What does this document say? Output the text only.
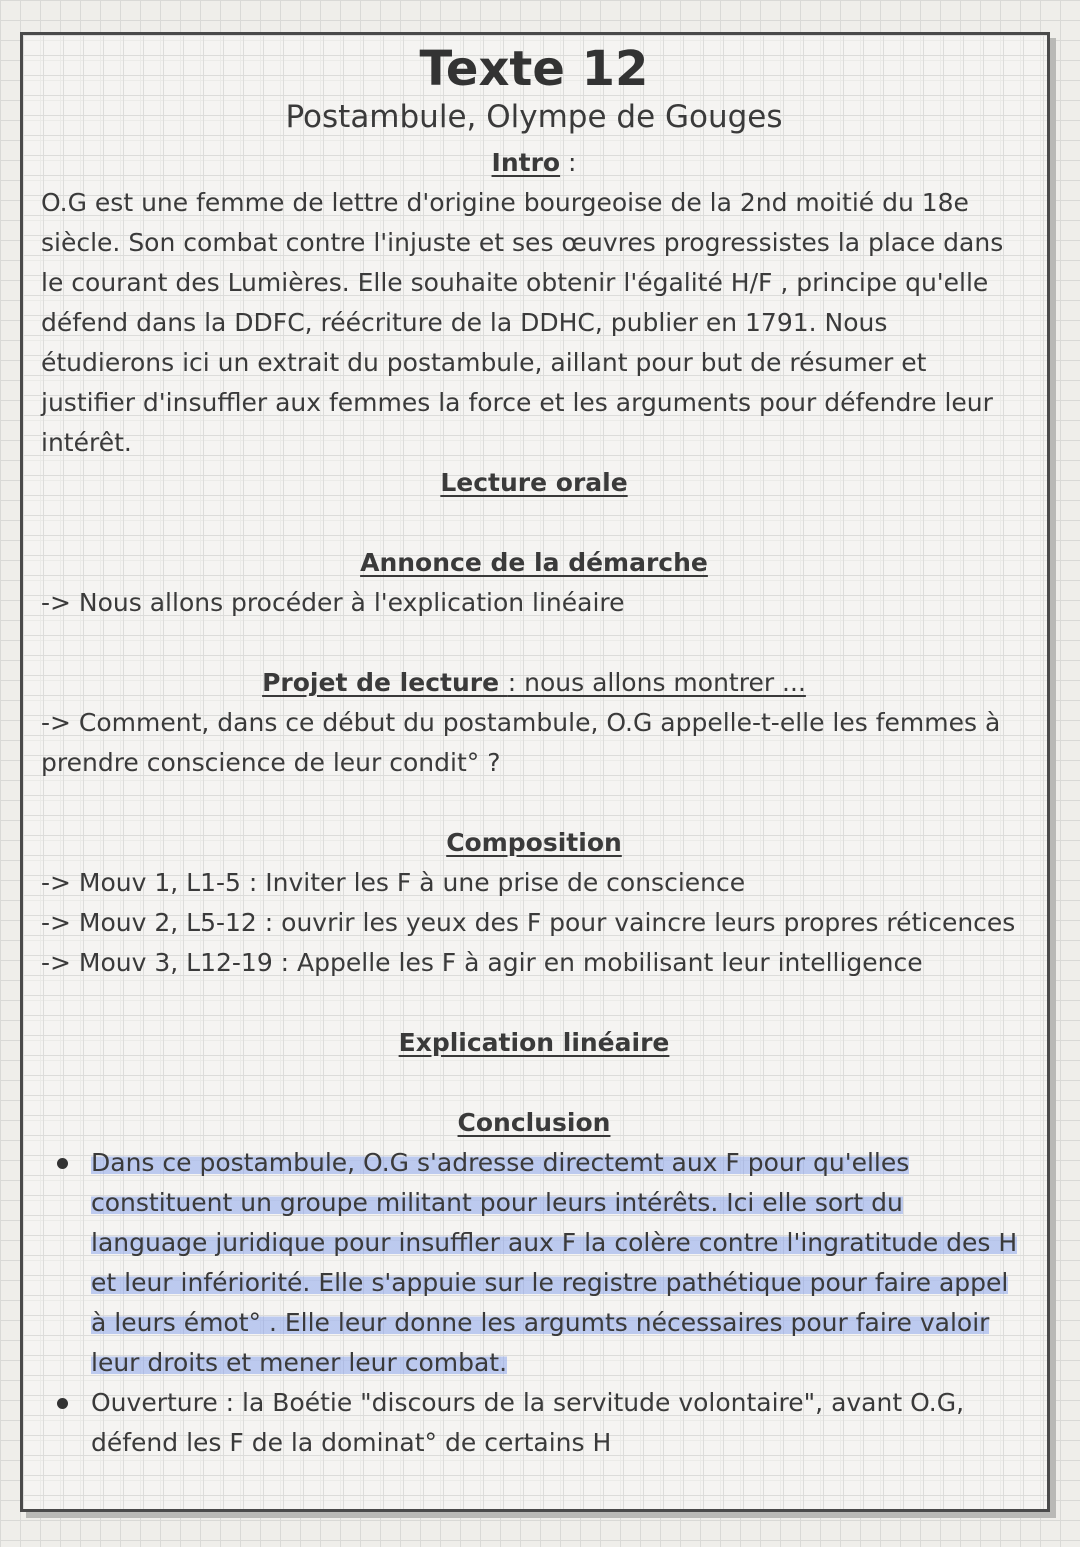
Texte 12

Postambule, Olympe de Gouges

Intro :

O.G est une femme de lettre d'origine bourgeoise de la 2nd moitié du 18e siècle. Son combat contre l'injuste et ses œuvres progressistes la place dans le courant des Lumières. Elle souhaite obtenir l'égalité H/F , principe qu'elle défend dans la DDFC, réécriture de la DDHC, publier en 1791. Nous étudierons ici un extrait du postambule, aillant pour but de résumer et justifier d'insuffler aux femmes la force et les arguments pour défendre leur intérêt.

Lecture orale

Annonce de la démarche

-> Nous allons procéder à l'explication linéaire

Projet de lecture : nous allons montrer ...

-> Comment, dans ce début du postambule, O.G appelle-t-elle les femmes à prendre conscience de leur condit° ?

Composition

-> Mouv 1, L1-5 : Inviter les F à une prise de conscience

-> Mouv 2, L5-12 : ouvrir les yeux des F pour vaincre leurs propres réticences

-> Mouv 3, L12-19 : Appelle les F à agir en mobilisant leur intelligence

Explication linéaire

Conclusion

Dans ce postambule, O.G s'adresse directemt aux F pour qu'elles constituent un groupe militant pour leurs intérêts. Ici elle sort du language juridique pour insuffler aux F la colère contre l'ingratitude des H et leur infériorité. Elle s'appuie sur le registre pathétique pour faire appel à leurs émot° . Elle leur donne les argumts nécessaires pour faire valoir leur droits et mener leur combat.
Ouverture : la Boétie "discours de la servitude volontaire", avant O.G, défend les F de la dominat° de certains H
